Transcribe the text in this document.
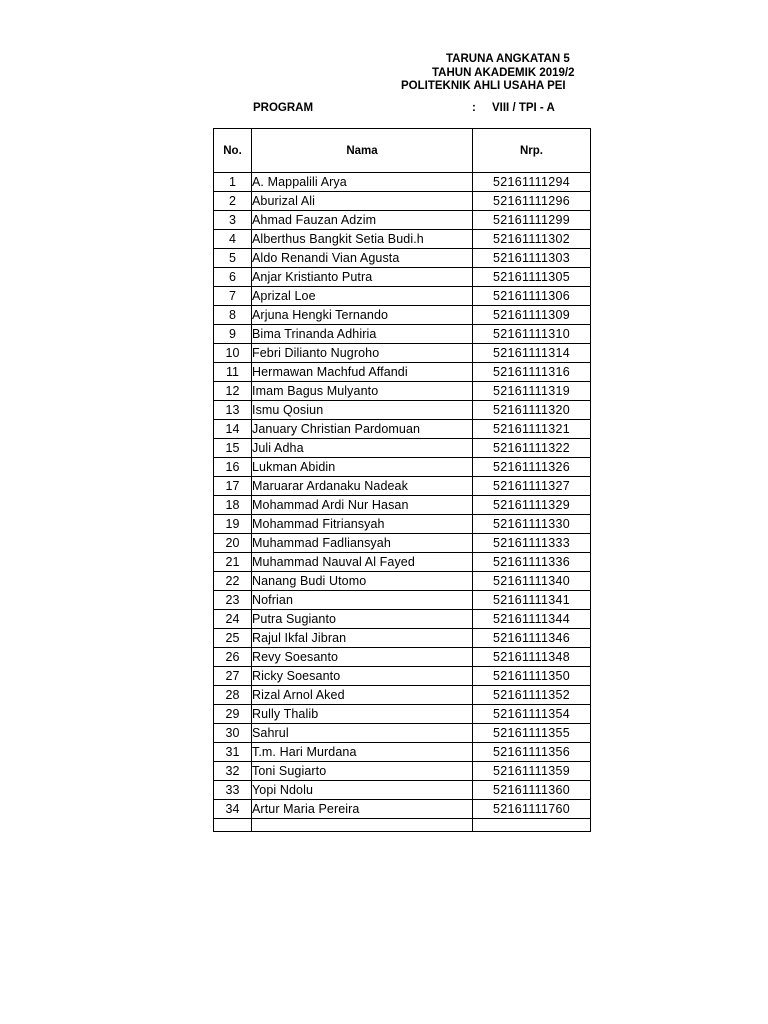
TARUNA ANGKATAN 5
TAHUN AKADEMIK 2019/2
POLITEKNIK AHLI USAHA PEI
PROGRAM	: VIII / TPI - A
No.	Nama	Nrp.
1	A. Mappalili Arya	52161111294
2	Aburizal Ali	52161111296
3	Ahmad Fauzan Adzim	52161111299
4	Alberthus Bangkit Setia Budi.h	52161111302
5	Aldo Renandi Vian Agusta	52161111303
6	Anjar Kristianto Putra	52161111305
7	Aprizal Loe	52161111306
8	Arjuna Hengki Ternando	52161111309
9	Bima Trinanda Adhiria	52161111310
10	Febri Dilianto Nugroho	52161111314
11	Hermawan Machfud Affandi	52161111316
12	Imam Bagus Mulyanto	52161111319
13	Ismu Qosiun	52161111320
14	January Christian Pardomuan	52161111321
15	Juli Adha	52161111322
16	Lukman Abidin	52161111326
17	Maruarar Ardanaku Nadeak	52161111327
18	Mohammad Ardi Nur Hasan	52161111329
19	Mohammad Fitriansyah	52161111330
20	Muhammad Fadliansyah	52161111333
21	Muhammad Nauval Al Fayed	52161111336
22	Nanang Budi Utomo	52161111340
23	Nofrian	52161111341
24	Putra Sugianto	52161111344
25	Rajul Ikfal Jibran	52161111346
26	Revy Soesanto	52161111348
27	Ricky Soesanto	52161111350
28	Rizal Arnol Aked	52161111352
29	Rully Thalib	52161111354
30	Sahrul	52161111355
31	T.m. Hari Murdana	52161111356
32	Toni Sugiarto	52161111359
33	Yopi Ndolu	52161111360
34	Artur Maria Pereira	52161111760
